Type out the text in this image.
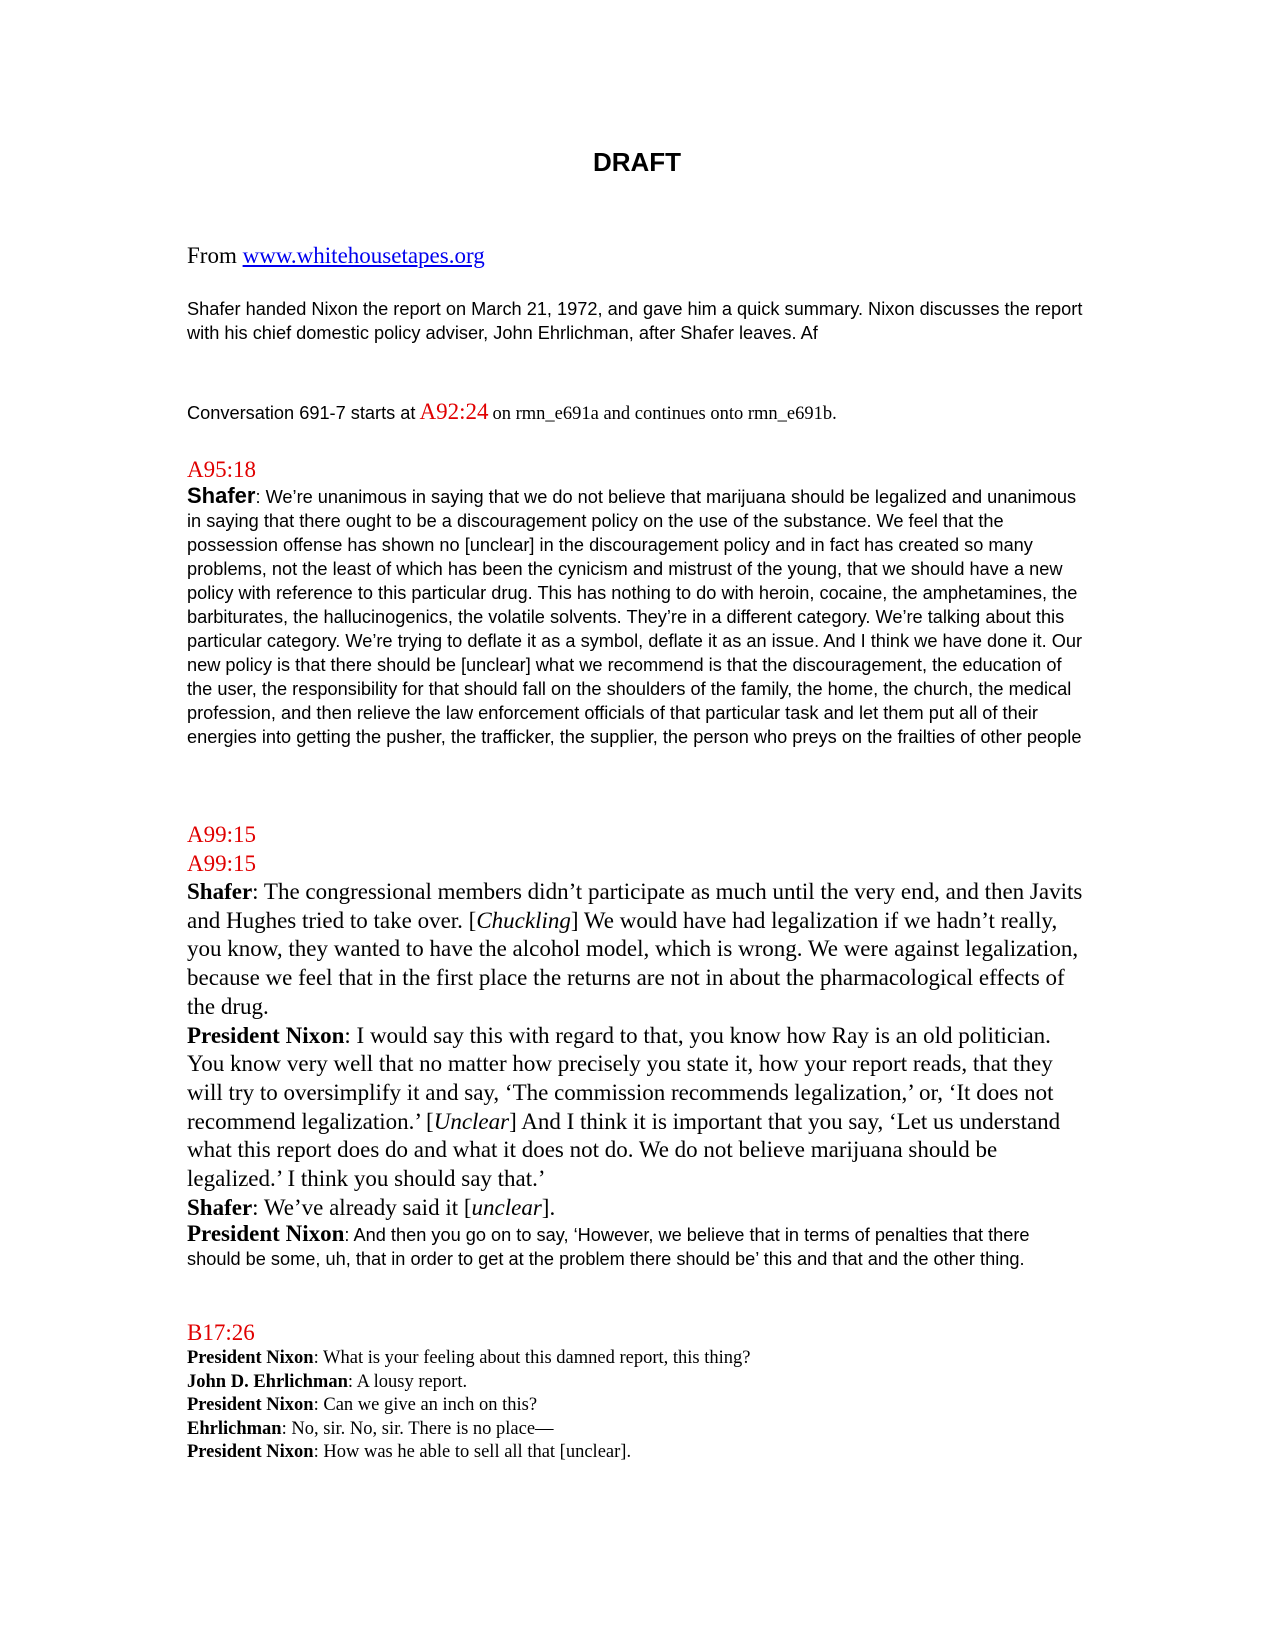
DRAFT
From www.whitehousetapes.org

Shafer handed Nixon the report on March 21, 1972, and gave him a quick summary. Nixon discusses the report with his chief domestic policy adviser, John Ehrlichman, after Shafer leaves. Af

Conversation 691-7 starts at A92:24 on rmn_e691a and continues onto rmn_e691b.
A95:18

Shafer: We’re unanimous in saying that we do not believe that marijuana should be legalized and unanimous in saying that there ought to be a discouragement policy on the use of the substance. We feel that the possession offense has shown no [unclear] in the discouragement policy and in fact has created so many problems, not the least of which has been the cynicism and mistrust of the young, that we should have a new policy with reference to this particular drug. This has nothing to do with heroin, cocaine, the amphetamines, the barbiturates, the hallucinogenics, the volatile solvents. They’re in a different category. We’re talking about this particular category. We’re trying to deflate it as a symbol, deflate it as an issue. And I think we have done it. Our new policy is that there should be [unclear] what we recommend is that the discouragement, the education of the user, the responsibility for that should fall on the shoulders of the family, the home, the church, the medical profession, and then relieve the law enforcement officials of that particular task and let them put all of their energies into getting the pusher, the trafficker, the supplier, the person who preys on the frailties of other people

A99:15
A99:15

Shafer: The congressional members didn’t participate as much until the very end, and then Javits and Hughes tried to take over. [Chuckling] We would have had legalization if we hadn’t really, you know, they wanted to have the alcohol model, which is wrong. We were against legalization, because we feel that in the first place the returns are not in about the pharmacological effects of the drug.

President Nixon: I would say this with regard to that, you know how Ray is an old politician. You know very well that no matter how precisely you state it, how your report reads, that they will try to oversimplify it and say, ‘The commission recommends legalization,’ or, ‘It does not recommend legalization.’ [Unclear] And I think it is important that you say, ‘Let us understand what this report does do and what it does not do. We do not believe marijuana should be legalized.’ I think you should say that.’

Shafer: We’ve already said it [unclear].

President Nixon: And then you go on to say, ‘However, we believe that in terms of penalties that there should be some, uh, that in order to get at the problem there should be’ this and that and the other thing.

B17:26

President Nixon: What is your feeling about this damned report, this thing?

John D. Ehrlichman: A lousy report.

President Nixon: Can we give an inch on this?

Ehrlichman: No, sir. No, sir. There is no place—

President Nixon: How was he able to sell all that [unclear].
